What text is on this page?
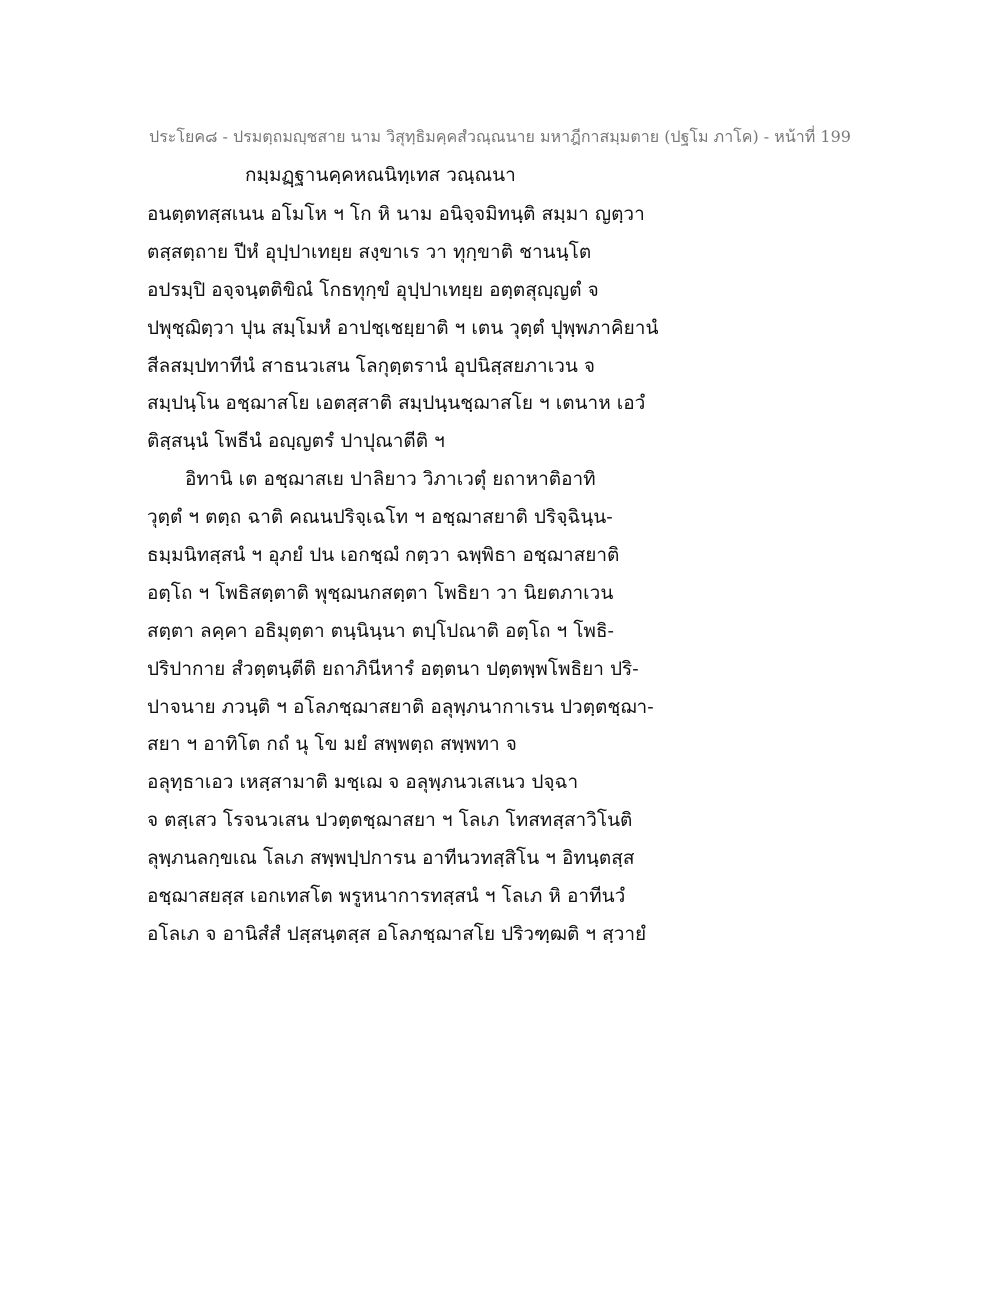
ประโยค๘ - ปรมตฺถมญฺชสาย นาม วิสุทฺธิมคฺคสํวณฺณนาย มหาฎีกาสมฺมตาย (ปฐโม ภาโค) - หน้าที่ 199
กมฺมฏฺฐานคฺคหณนิทฺเทส วณฺณนา
อนตฺตทสฺสเนน อโมโห ฯ โก หิ นาม อนิจฺจมิทนฺติ สมฺมา ญตฺวา
ตสฺสตฺถาย ปีหํ อุปฺปาเทยฺย สงฺขาเร วา ทุกฺขาติ ชานนฺโต
อปรมฺปิ อจฺจนฺตติขิณํ โกธทุกฺขํ อุปฺปาเทยฺย อตฺตสุญฺญตํ จ
ปพุชฺฌิตฺวา ปุน สมฺโมหํ อาปชฺเชยฺยาติ ฯ เตน วุตฺตํ ปุพฺพภาคิยานํ
สีลสมฺปทาทีนํ สาธนวเสน โลกุตฺตรานํ อุปนิสฺสยภาเวน จ
สมฺปนฺโน อชฺฌาสโย เอตสฺสาติ สมฺปนฺนชฺฌาสโย ฯ เตนาห เอวํ
ติสฺสนฺนํ โพธีนํ อญฺญตรํ ปาปุณาตีติ ฯ
อิทานิ เต อชฺฌาสเย ปาลิยาว วิภาเวตุํ ยถาหาติอาทิ
วุตฺตํ ฯ ตตฺถ ฉาติ คณนปริจฺเฉโท ฯ อชฺฌาสยาติ ปริจฺฉินฺน-
ธมฺมนิทสฺสนํ ฯ อุภยํ ปน เอกชฺฌํ กตฺวา ฉพฺพิธา อชฺฌาสยาติ
อตฺโถ ฯ โพธิสตฺตาติ พุชฺฌนกสตฺตา โพธิยา วา นิยตภาเวน
สตฺตา ลคฺคา อธิมุตฺตา ตนฺนินฺนา ตปฺโปณาติ อตฺโถ ฯ โพธิ-
ปริปากาย สํวตฺตนฺตีติ ยถาภินีหารํ อตฺตนา ปตฺตพฺพโพธิยา ปริ-
ปาจนาย ภวนฺติ ฯ อโลภชฺฌาสยาติ อลุพฺภนากาเรน ปวตฺตชฺฌา-
สยา ฯ อาทิโต กถํ นุ โข มยํ สพฺพตฺถ สพฺพทา จ
อลุทฺธาเอว เหสฺสามาติ มชฺเฌ จ อลุพฺภนวเสเนว ปจฺฉา
จ ตสฺเสว โรจนวเสน ปวตฺตชฺฌาสยา ฯ โลเภ โทสทสฺสาวิโนติ
ลุพฺภนลกฺขเณ โลเภ สพฺพปฺปการน อาทีนวทสฺสิโน ฯ อิทนฺตสฺส
อชฺฌาสยสฺส เอกเทสโต พรูหนาการทสฺสนํ ฯ โลเภ หิ อาทีนวํ
อโลเภ จ อานิสํสํ ปสฺสนฺตสฺส อโลภชฺฌาสโย ปริวฑฺฒติ ฯ สฺวายํ
